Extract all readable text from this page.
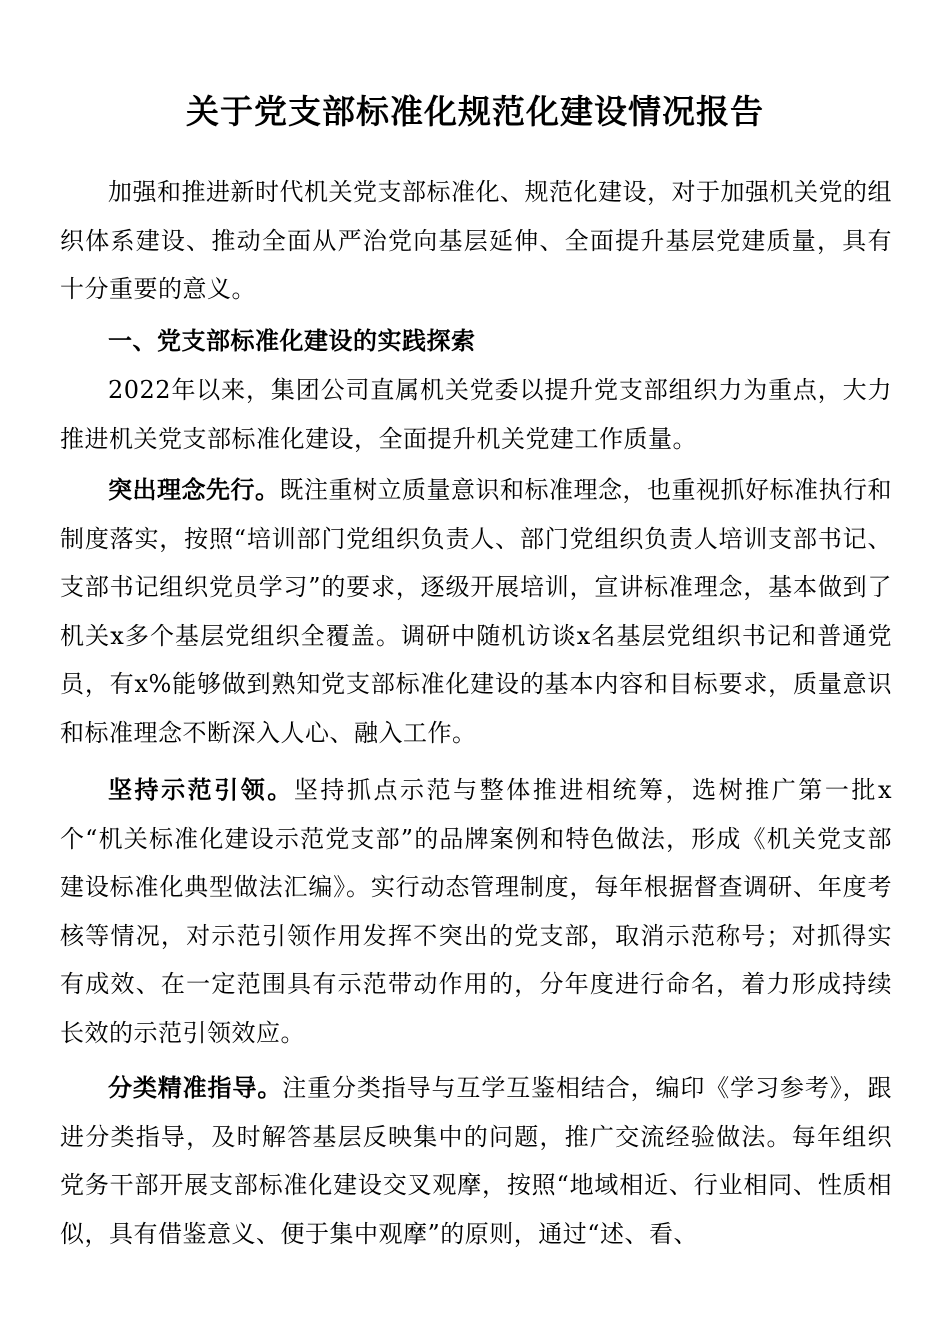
关于党支部标准化规范化建设情况报告

加强和推进新时代机关党支部标准化、规范化建设，对于加强机关党的组织体系建设、推动全面从严治党向基层延伸、全面提升基层党建质量，具有十分重要的意义。

一、党支部标准化建设的实践探索

2022年以来，集团公司直属机关党委以提升党支部组织力为重点，大力推进机关党支部标准化建设，全面提升机关党建工作质量。

突出理念先行。既注重树立质量意识和标准理念，也重视抓好标准执行和制度落实，按照“培训部门党组织负责人、部门党组织负责人培训支部书记、支部书记组织党员学习”的要求，逐级开展培训，宣讲标准理念，基本做到了机关x多个基层党组织全覆盖。调研中随机访谈x名基层党组织书记和普通党员，有x%能够做到熟知党支部标准化建设的基本内容和目标要求，质量意识和标准理念不断深入人心、融入工作。

坚持示范引领。坚持抓点示范与整体推进相统筹，选树推广第一批x个“机关标准化建设示范党支部”的品牌案例和特色做法，形成《机关党支部建设标准化典型做法汇编》。实行动态管理制度，每年根据督查调研、年度考核等情况，对示范引领作用发挥不突出的党支部，取消示范称号；对抓得实有成效、在一定范围具有示范带动作用的，分年度进行命名，着力形成持续长效的示范引领效应。

分类精准指导。注重分类指导与互学互鉴相结合，编印《学习参考》，跟进分类指导，及时解答基层反映集中的问题，推广交流经验做法。每年组织党务干部开展支部标准化建设交叉观摩，按照“地域相近、行业相同、性质相似，具有借鉴意义、便于集中观摩”的原则，通过“述、看、
